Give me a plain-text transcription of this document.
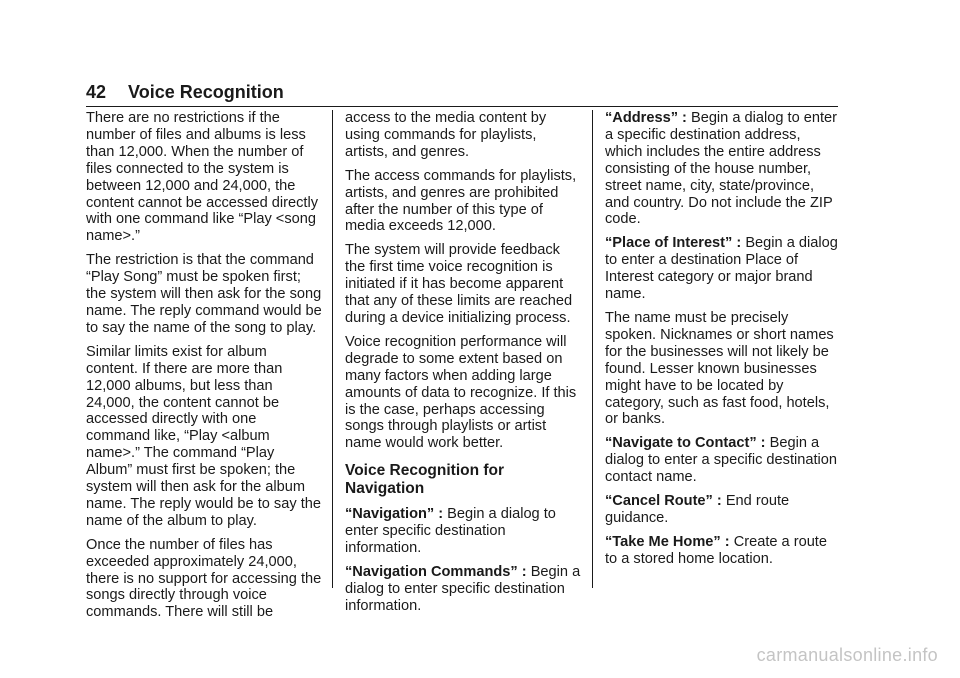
42 Voice Recognition

There are no restrictions if the number of files and albums is less than 12,000. When the number of files connected to the system is between 12,000 and 24,000, the content cannot be accessed directly with one command like “Play <song name>.”

The restriction is that the command “Play Song” must be spoken first; the system will then ask for the song name. The reply command would be to say the name of the song to play.

Similar limits exist for album content. If there are more than 12,000 albums, but less than 24,000, the content cannot be accessed directly with one command like, “Play <album name>.” The command “Play Album” must first be spoken; the system will then ask for the album name. The reply would be to say the name of the album to play.

Once the number of files has exceeded approximately 24,000, there is no support for accessing the songs directly through voice commands. There will still be

access to the media content by using commands for playlists, artists, and genres.

The access commands for playlists, artists, and genres are prohibited after the number of this type of media exceeds 12,000.

The system will provide feedback the first time voice recognition is initiated if it has become apparent that any of these limits are reached during a device initializing process.

Voice recognition performance will degrade to some extent based on many factors when adding large amounts of data to recognize. If this is the case, perhaps accessing songs through playlists or artist name would work better.

Voice Recognition for Navigation

“Navigation” : Begin a dialog to enter specific destination information.

“Navigation Commands” : Begin a dialog to enter specific destination information.

“Address” : Begin a dialog to enter a specific destination address, which includes the entire address consisting of the house number, street name, city, state/province, and country. Do not include the ZIP code.

“Place of Interest” : Begin a dialog to enter a destination Place of Interest category or major brand name.

The name must be precisely spoken. Nicknames or short names for the businesses will not likely be found. Lesser known businesses might have to be located by category, such as fast food, hotels, or banks.

“Navigate to Contact” : Begin a dialog to enter a specific destination contact name.

“Cancel Route” : End route guidance.

“Take Me Home” : Create a route to a stored home location.

carmanualsonline.info
